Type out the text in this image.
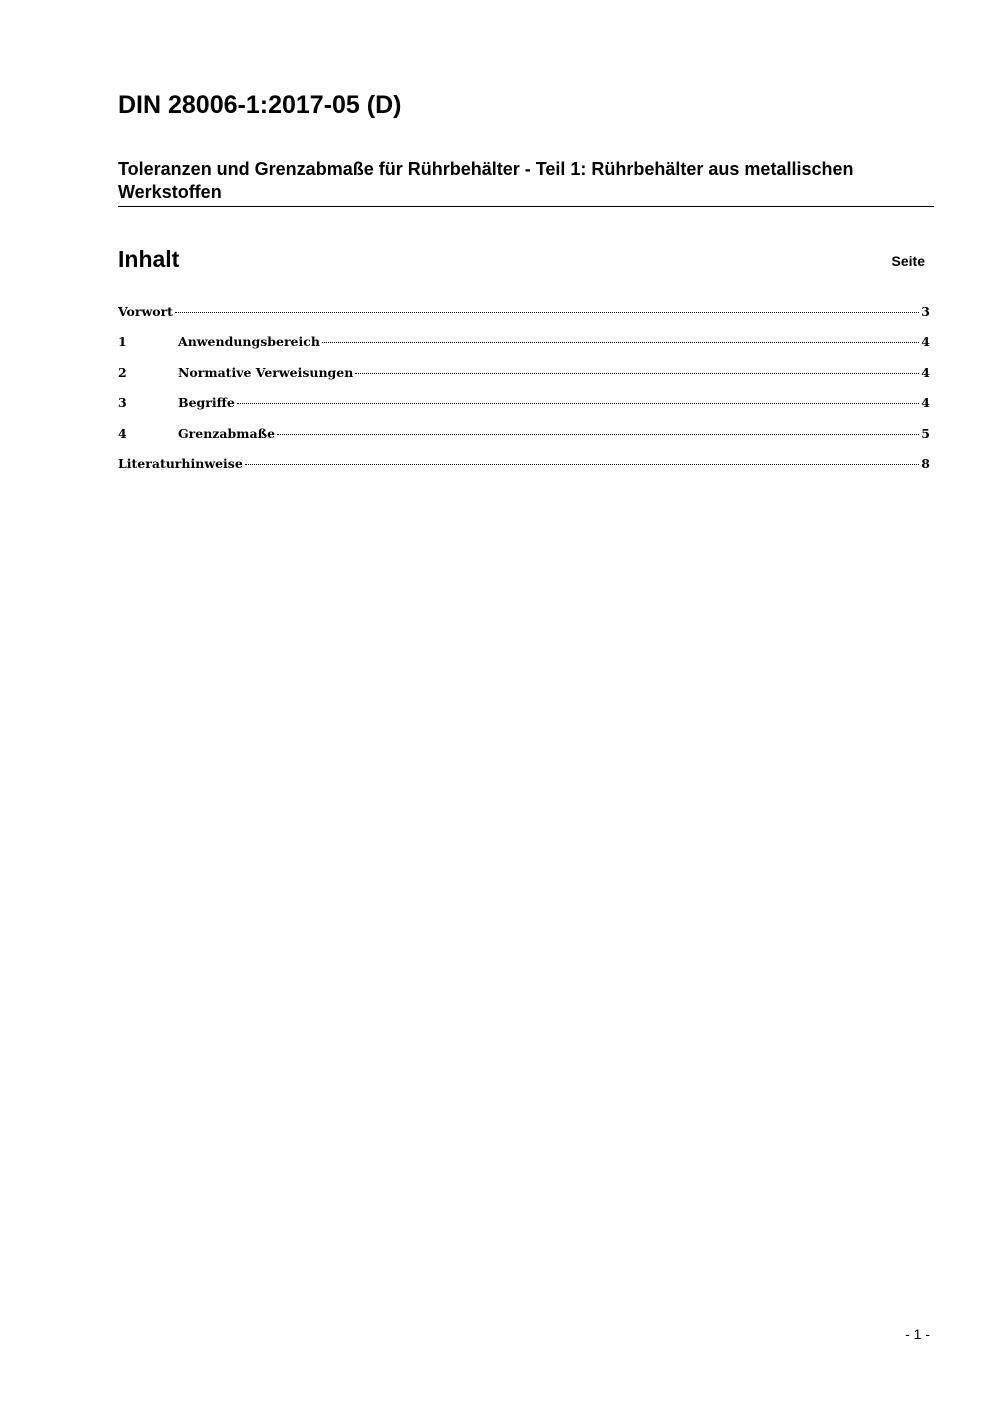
DIN 28006-1:2017-05 (D)
Toleranzen und Grenzabmaße für Rührbehälter - Teil 1: Rührbehälter aus metallischen Werkstoffen
Inhalt	Seite
Vorwort	3
1	Anwendungsbereich	4
2	Normative Verweisungen	4
3	Begriffe	4
4	Grenzabmaße	5
Literaturhinweise	8
- 1 -
